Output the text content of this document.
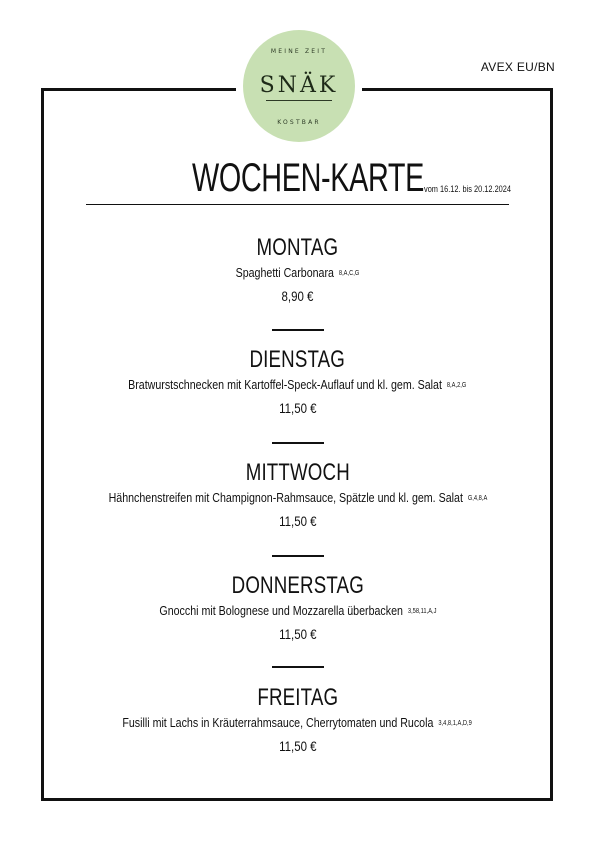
MEINE ZEIT
SNÄK
KOSTBAR
AVEX EU/BN
WOCHEN-KARTE vom 16.12. bis 20.12.2024
MONTAG
Spaghetti Carbonara 8,A,C,G
8,90 €
DIENSTAG
Bratwurstschnecken mit Kartoffel-Speck-Auflauf und kl. gem. Salat 8,A,2,G
11,50 €
MITTWOCH
Hähnchenstreifen mit Champignon-Rahmsauce, Spätzle und kl. gem. Salat G,4,8,A
11,50 €
DONNERSTAG
Gnocchi mit Bolognese und Mozzarella überbacken 3,58,11,A,J
11,50 €
FREITAG
Fusilli mit Lachs in Kräuterrahmsauce, Cherrytomaten und Rucola 3,4,8,1,A,D,9
11,50 €
